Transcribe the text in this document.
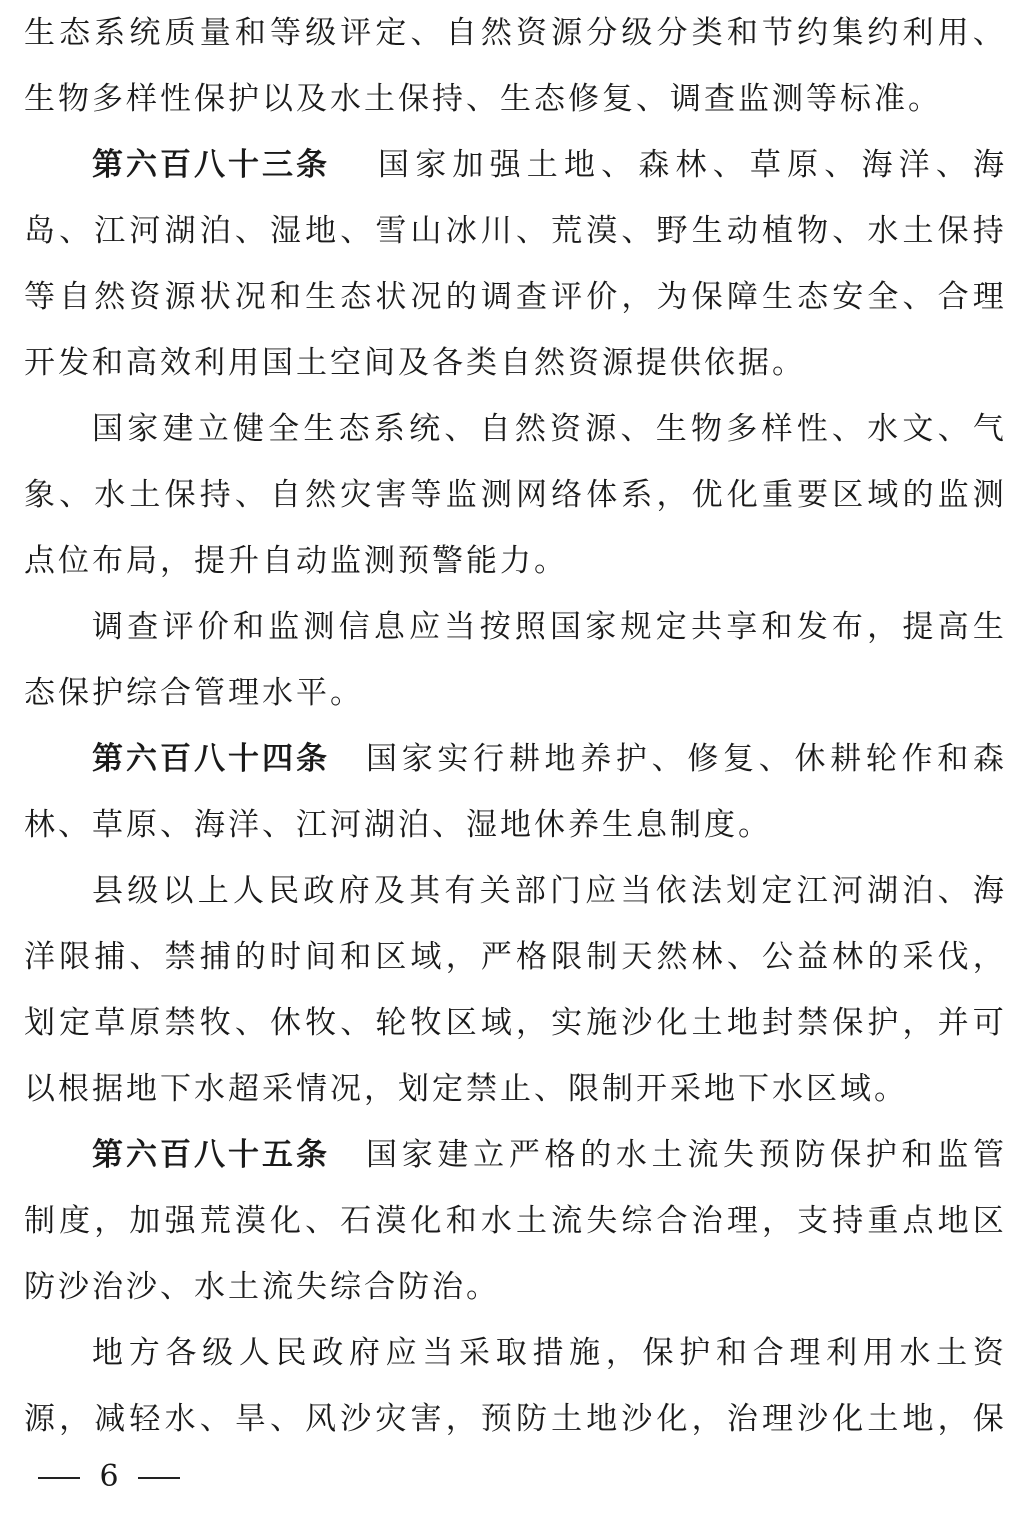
生 态 系 统 质 量 和 等 级 评 定 、 自 然 资 源 分 级 分 类 和 节 约 集 约 利 用 、
生物多样性保护以及水土保持、生态修复、调查监测等标准。
第六百八十三条 国 家 加 强 土 地 、 森 林 、 草 原 、 海 洋 、 海
岛 、 江 河 湖 泊 、 湿 地 、 雪 山 冰 川 、 荒 漠 、 野 生 动 植 物 、 水 土 保 持
等 自 然 资 源 状 况 和 生 态 状 况 的 调 查 评 价 ， 为 保 障 生 态 安 全 、 合 理
开发和高效利用国土空间及各类自然资源提供依据。
国 家 建 立 健 全 生 态 系 统 、 自 然 资 源 、 生 物 多 样 性 、 水 文 、 气
象 、 水 土 保 持 、 自 然 灾 害 等 监 测 网 络 体 系 ， 优 化 重 要 区 域 的 监 测
点位布局，提升自动监测预警能力。
调 查 评 价 和 监 测 信 息 应 当 按 照 国 家 规 定 共 享 和 发 布 ， 提 高 生
态保护综合管理水平。
第六百八十四条 国 家 实 行 耕 地 养 护 、 修 复 、 休 耕 轮 作 和 森
林、草原、海洋、江河湖泊、湿地休养生息制度。
县 级 以 上 人 民 政 府 及 其 有 关 部 门 应 当 依 法 划 定 江 河 湖 泊 、 海
洋 限 捕 、 禁 捕 的 时 间 和 区 域 ， 严 格 限 制 天 然 林 、 公 益 林 的 采 伐 ，
划 定 草 原 禁 牧 、 休 牧 、 轮 牧 区 域 ， 实 施 沙 化 土 地 封 禁 保 护 ， 并 可
以根据地下水超采情况，划定禁止、限制开采地下水区域。
第六百八十五条 国 家 建 立 严 格 的 水 土 流 失 预 防 保 护 和 监 管
制 度 ， 加 强 荒 漠 化 、 石 漠 化 和 水 土 流 失 综 合 治 理 ， 支 持 重 点 地 区
防沙治沙、水土流失综合防治。
地 方 各 级 人 民 政 府 应 当 采 取 措 施 ， 保 护 和 合 理 利 用 水 土 资
源 ， 减 轻 水 、 旱 、 风 沙 灾 害 ， 预 防 土 地 沙 化 ， 治 理 沙 化 土 地 ， 保
6
